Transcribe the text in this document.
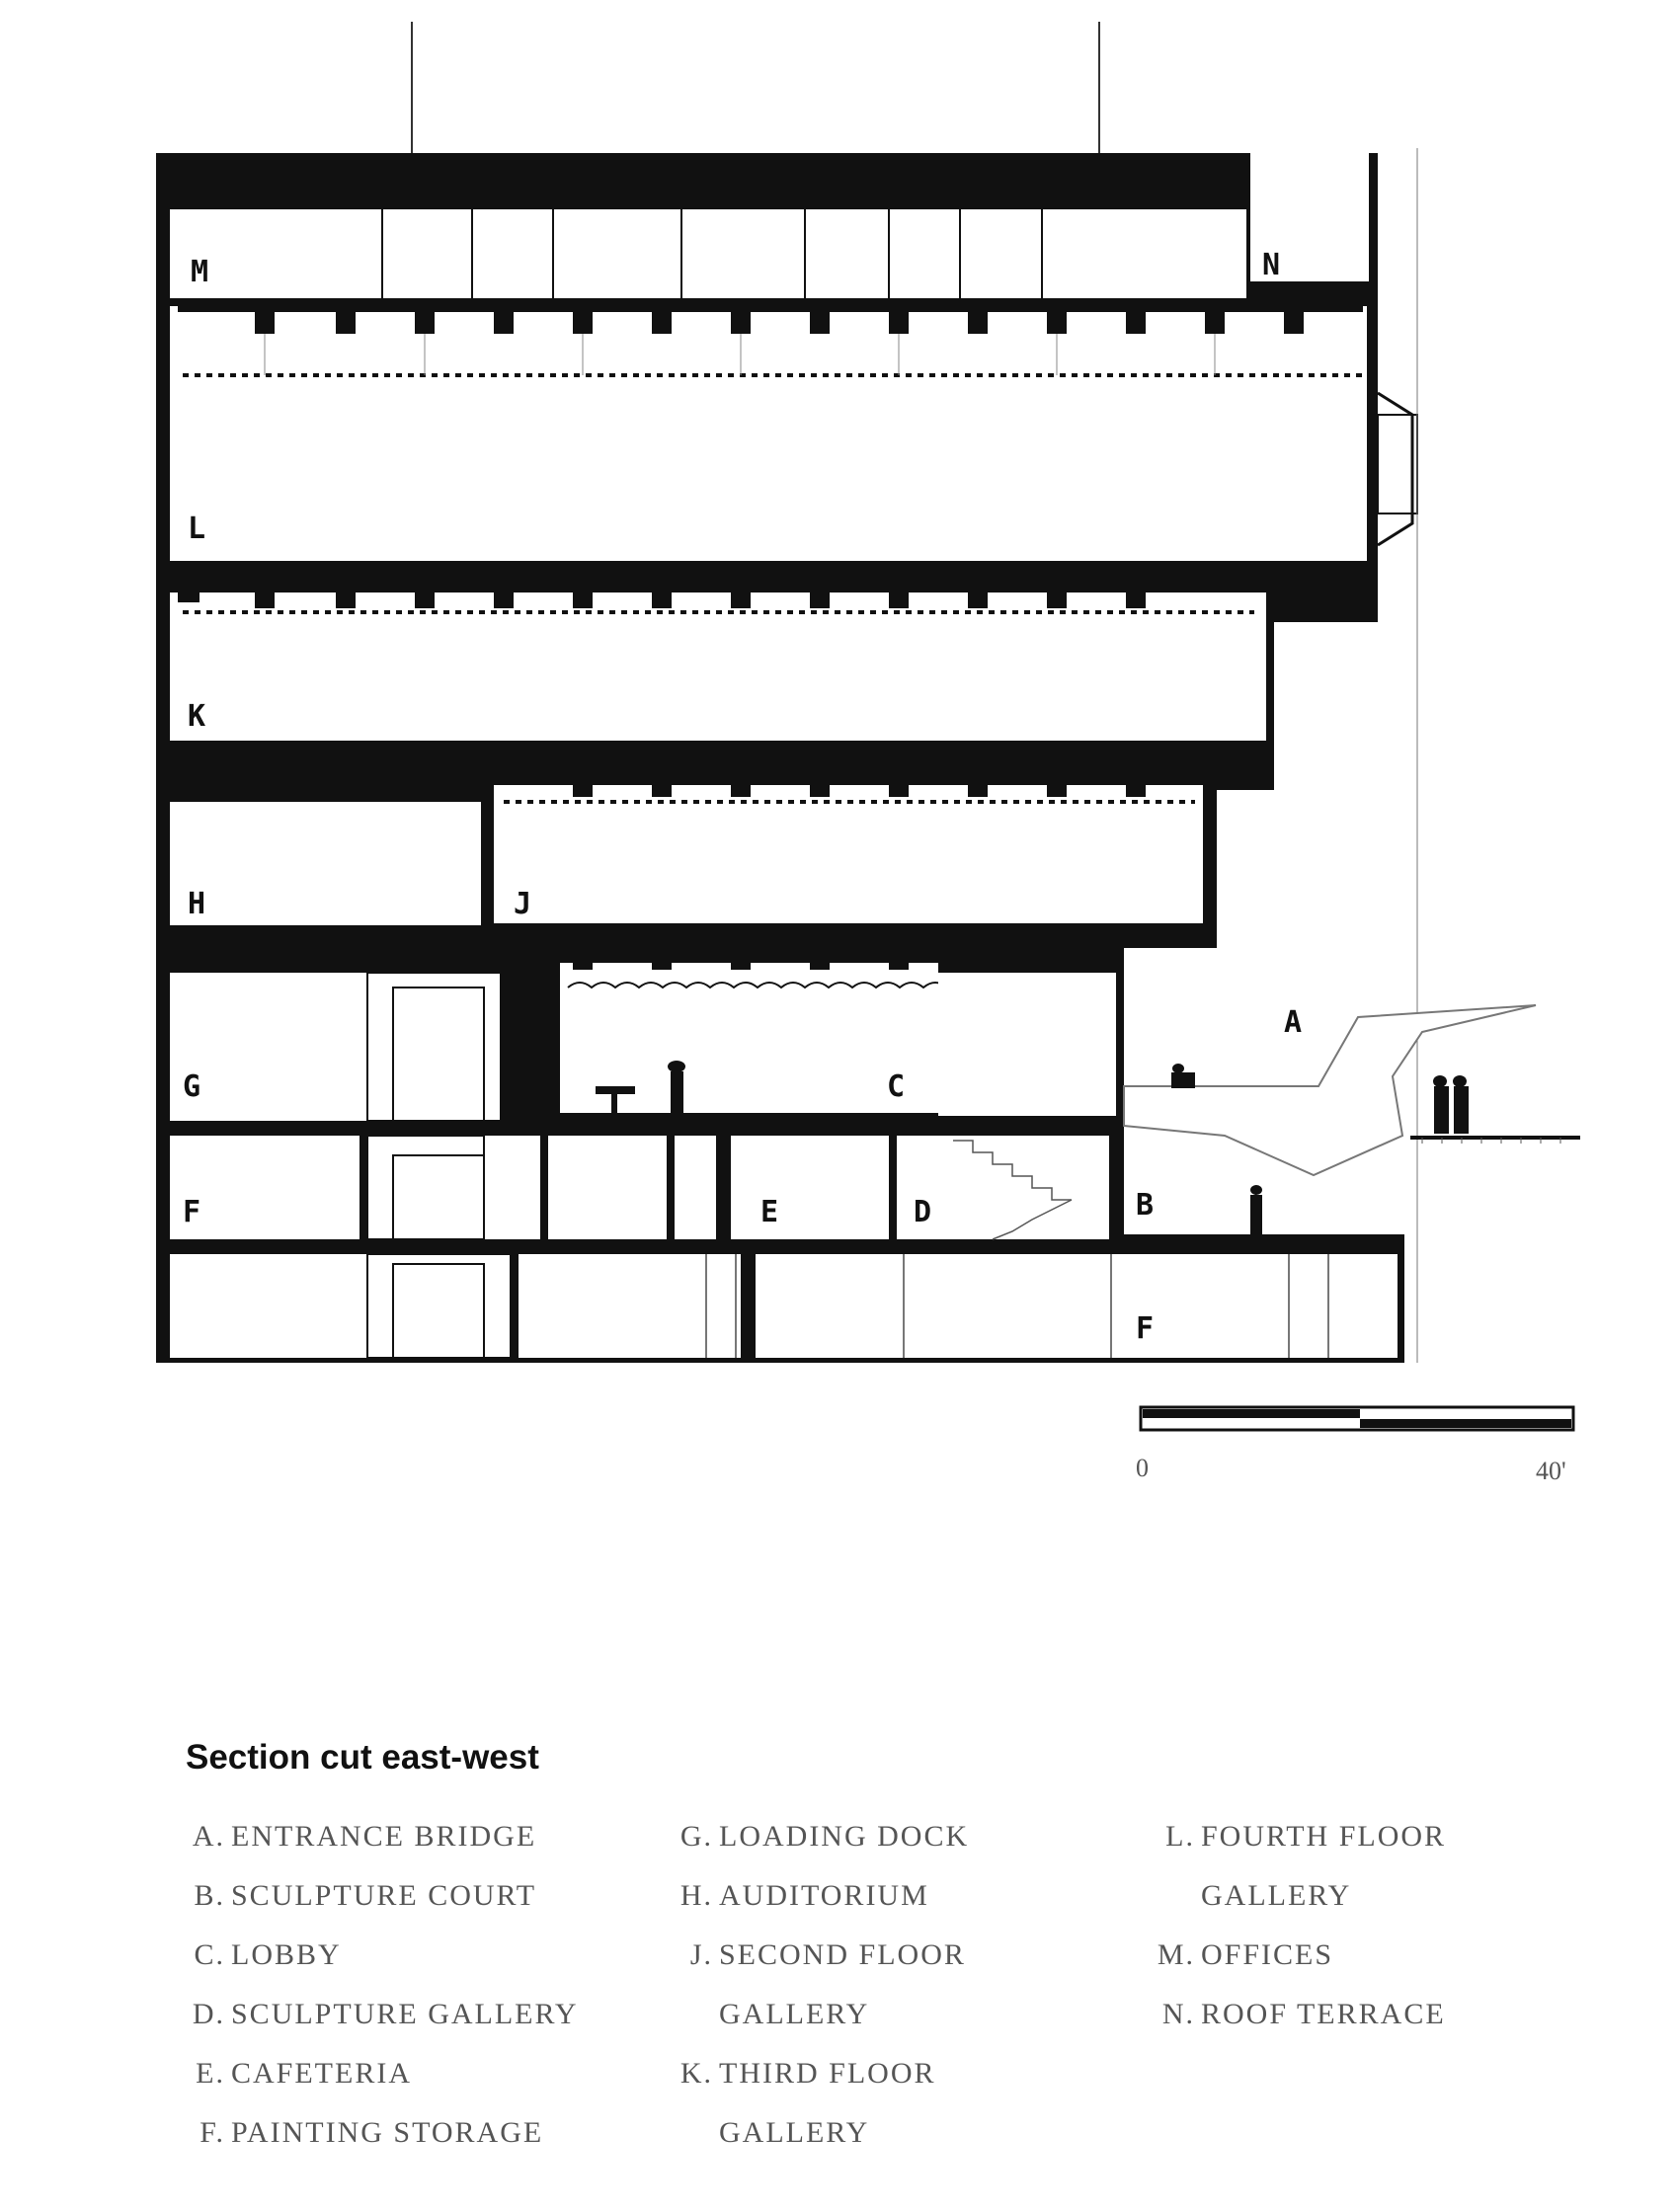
M	N
L
K
H	J
A
G	C
F	E	D	B
F
0	40'
Section cut east-west
A. ENTRANCE BRIDGE
B. SCULPTURE COURT
C. LOBBY
D. SCULPTURE GALLERY
E. CAFETERIA
F. PAINTING STORAGE
G. LOADING DOCK
H. AUDITORIUM
J. SECOND FLOOR
GALLERY
K. THIRD FLOOR
GALLERY
L. FOURTH FLOOR
GALLERY
M. OFFICES
N. ROOF TERRACE
